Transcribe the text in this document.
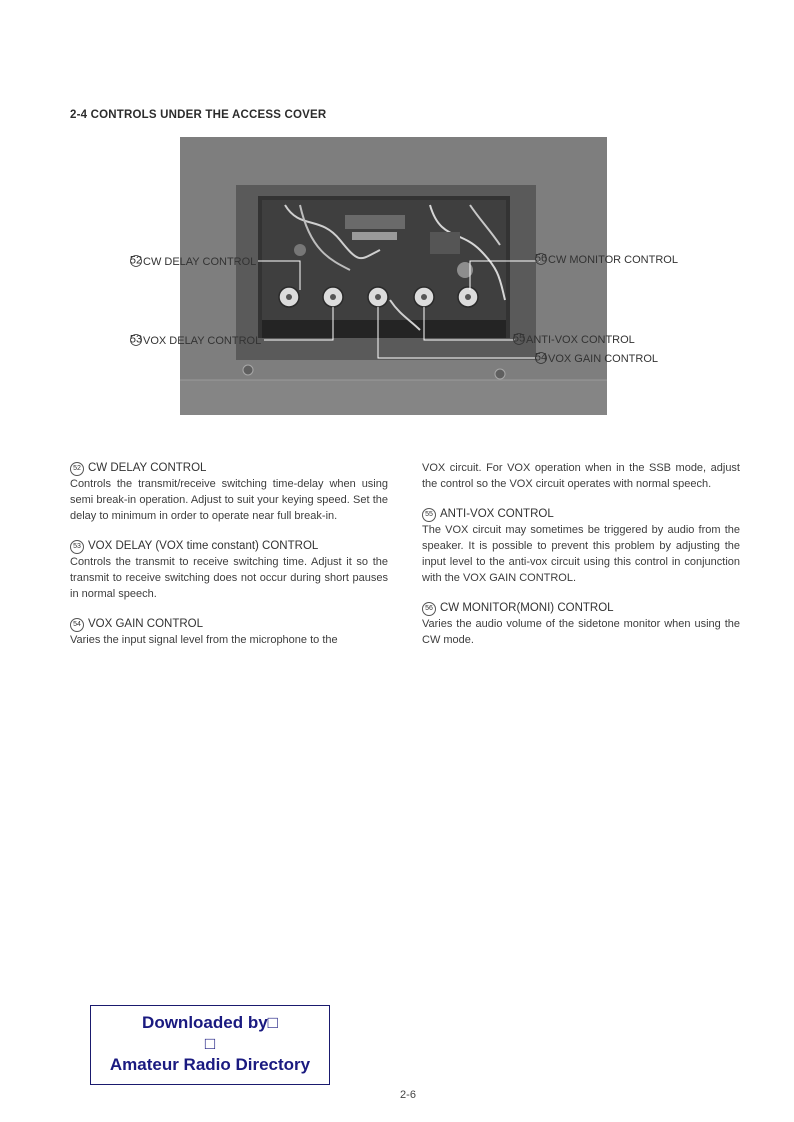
2-4 CONTROLS UNDER THE ACCESS COVER
52 CW DELAY CONTROL
53 VOX DELAY CONTROL
56 CW MONITOR CONTROL
55 ANTI-VOX CONTROL
54 VOX GAIN CONTROL
52 CW DELAY CONTROL

Controls the transmit/receive switching time-delay when using semi break-in operation. Adjust to suit your keying speed. Set the delay to minimum in order to operate near full break-in.

53 VOX DELAY (VOX time constant) CONTROL

Controls the transmit to receive switching time. Adjust it so the transmit to receive switching does not occur during short pauses in normal speech.

54 VOX GAIN CONTROL

Varies the input signal level from the microphone to the

VOX circuit. For VOX operation when in the SSB mode, adjust the control so the VOX circuit operates with normal speech.

55 ANTI-VOX CONTROL

The VOX circuit may sometimes be triggered by audio from the speaker. It is possible to prevent this problem by adjusting the input level to the anti-vox circuit using this control in conjunction with the VOX GAIN CONTROL.

56 CW MONITOR(MONI) CONTROL

Varies the audio volume of the sidetone monitor when using the CW mode.

Downloaded by□
□
Amateur Radio Directory
2-6
